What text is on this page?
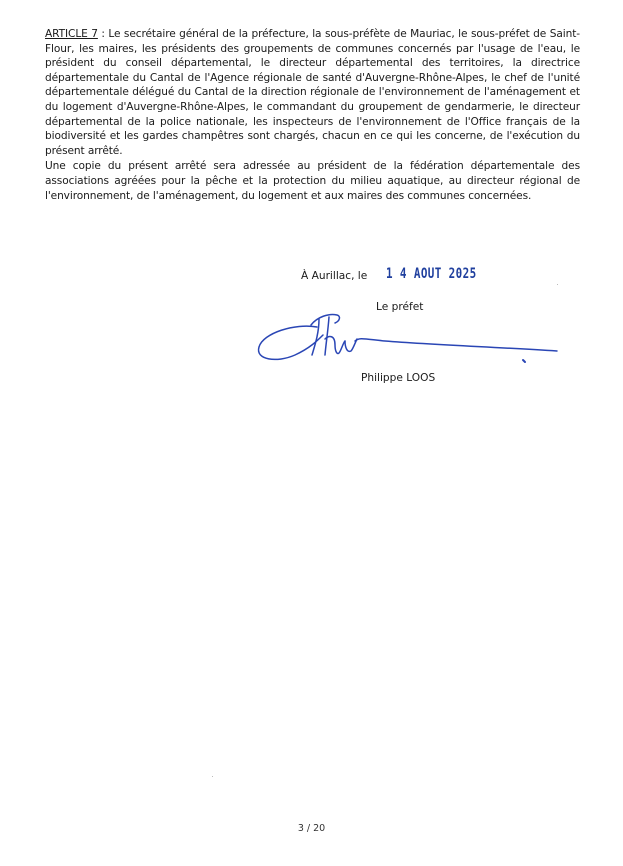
ARTICLE 7 : Le secrétaire général de la préfecture, la sous-préfète de Mauriac, le sous-préfet de Saint-Flour, les maires, les présidents des groupements de communes concernés par l'usage de l'eau, le président du conseil départemental, le directeur départemental des territoires, la directrice départementale du Cantal de l'Agence régionale de santé d'Auvergne-Rhône-Alpes, le chef de l'unité départementale délégué du Cantal de la direction régionale de l'environnement de l'aménagement et du logement d'Auvergne-Rhône-Alpes, le commandant du groupement de gendarmerie, le directeur départemental de la police nationale, les inspecteurs de l'environnement de l'Office français de la biodiversité et les gardes champêtres sont chargés, chacun en ce qui les concerne, de l'exécution du présent arrêté.

Une copie du présent arrêté sera adressée au président de la fédération départementale des associations agréées pour la pêche et la protection du milieu aquatique, au directeur régional de l'environnement, de l'aménagement, du logement et aux maires des communes concernées.

À Aurillac, le 1 4 AOUT 2025
Le préfet
Philippe LOOS
3 / 20
